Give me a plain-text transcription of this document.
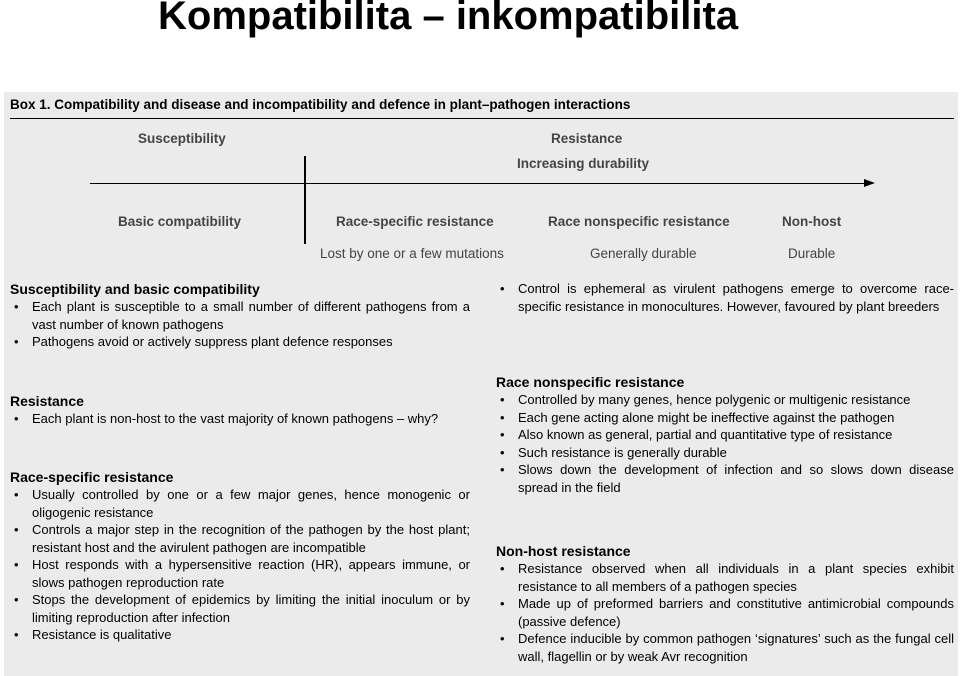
Kompatibilita – inkompatibilita
Box 1. Compatibility and disease and incompatibility and defence in plant–pathogen interactions
Susceptibility	Resistance
Increasing durability
Basic compatibility	Race-specific resistance	Race nonspecific resistance	Non-host
Lost by one or a few mutations	Generally durable	Durable
Susceptibility and basic compatibility
• Each plant is susceptible to a small number of different pathogens from a vast number of known pathogens
• Pathogens avoid or actively suppress plant defence responses
Resistance
• Each plant is non-host to the vast majority of known pathogens – why?
Race-specific resistance
• Usually controlled by one or a few major genes, hence monogenic or oligogenic resistance
• Controls a major step in the recognition of the pathogen by the host plant; resistant host and the avirulent pathogen are incompatible
• Host responds with a hypersensitive reaction (HR), appears immune, or slows pathogen reproduction rate
• Stops the development of epidemics by limiting the initial inoculum or by limiting reproduction after infection
• Resistance is qualitative
• Control is ephemeral as virulent pathogens emerge to overcome race-specific resistance in monocultures. However, favoured by plant breeders
Race nonspecific resistance
• Controlled by many genes, hence polygenic or multigenic resistance
• Each gene acting alone might be ineffective against the pathogen
• Also known as general, partial and quantitative type of resistance
• Such resistance is generally durable
• Slows down the development of infection and so slows down disease spread in the field
Non-host resistance
• Resistance observed when all individuals in a plant species exhibit resistance to all members of a pathogen species
• Made up of preformed barriers and constitutive antimicrobial compounds (passive defence)
• Defence inducible by common pathogen ‘signatures’ such as the fungal cell wall, flagellin or by weak Avr recognition
